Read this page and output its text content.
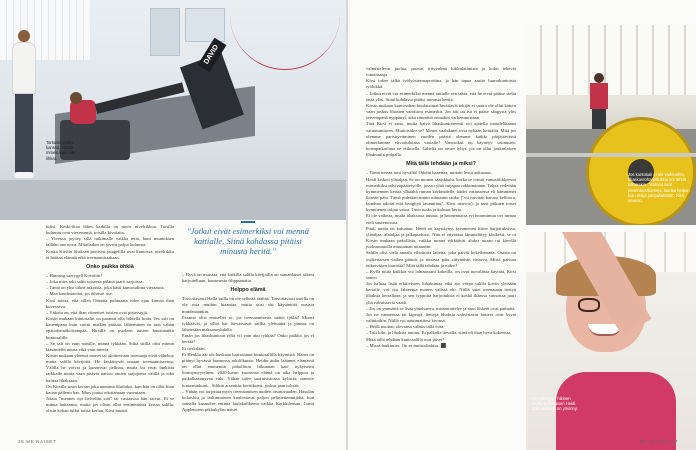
DAVID
Tarkasta palloa kanssa, ettättö mmeki kunnoitu lihkat.

tulisi. Keski-ikoa lähes kaikilla on myös nivelrikkoa. Toisilla kulumat ovat vievemmiä, toisilla kivulaita.

– Yleensä joyoey sillä tutkimalle vaikka tetiä, kuni muutoksen tällähn ane nova. Mitatlaikin on joviva paljot kulumat.

Koska Kirsiin lihaksen potiivisi jatagelilla ovat kuntossa, nivelrikko ei haittaa elämää eikä treenaamistakaan.

Onko paikka öhkiä

– Hinnaog saerygell Kovalitti!

– Joka mies teki saltti toiseesa pälänä jaarri sarjoissa.

– Tämä on yksi oikeä askoista, joka käsii kumosaliina vieraasna.

– Maa kaudistaoitai, jos äihtiste itse.

Kirsi totesa, että sillen Omaata puhtuaata tulee ajan kanssa ihan kuvesseva.

– Yäkoin on, että ihan viimeiset toisten ovat pisteistyjä.

Kirsin mukaan kuntosalin on paranut olla liihtellä kotia. Jos sali on kauempana kuin varttii matkan pääsää, lähteminen on taas vähän epätodennäköisempää. Hirsillä on puoleen uusien huusimaiku kuntosalille.

– Se sali on vain naisille, minnä tykkään. Siikä sitillä olisi minun lääsäntelin nuusa eikä vain mieria.

Kirsin mukaan yleensä monet tai aloitteivaan treenaaja eivät vähekoy mutta salillä kävijöitä. He keskittyvät omaan treenaamiseensa. Välillä he voivat ja kanaeivat pelkiau, mutta ku eivät tunkista tarkkaile muita vaan pitävät naisoo omien sarjojensa välillä ja eikä haittaa lihaksaan.

On Kirsille tosin kerran joku annonut lihitluksi, kun hän on ollut liian kauan pallenu bax. Mies joutui odottamaan vuorutaan.

Jotain "mennes nyt helveltin sitä" tai vastaavaa hän saivut. Ei se minua haitannut, mutta jos olisin ollut ensimmäistä kertaa salilla, olisin kokan tullut toista kertaa, Kirsi muisti.

"Jotkut eivät esimerkiksi voi mennä kattialle. Siinä kohdassa pitäisi minusta heritä."

– Hyvä on muistaa, että kaikilla salilla kävijöillä on samanlaiset oikeat harjoitelluun, kuntosesta filippumatta.

Helppo elämä

Toivottavasti Hellä-tuilla on ole selkeää täältää. Toivottavasti useilla on ole osia muihin hiaantaa, mutta uusi sitt käytäntötä nusista muidenaankin.

Paramo olisi emisellet se, jos treenaamisesta säätei tyklät! Monet tykkäävät, ja silloi kat lävvassavat saillia ylettuätta ja pinnaa on lähetetään maksanoyhdalla.

Emän jos lihaskuntoon reliä vii vain aku tykkää? Onko paikko jos ei hertää?

Ei öeskilään.

Ei Henkio äät ole kuskaan harrastanut kuntosallilla käymistä. Hänet on pitänyt hyvässä kunnossa arkililkunto. Heidin äidin lääinnet elämässä on ollut emmemin paholliton liikunnan kate nykyisemi lituinymyytelnen. 2020-luvun kuonossa elämä on aika helppoa ja paikalkaannyvaa väki. Vähän tulee suotuisistonsa kylisttä, saneoiv tuutaaninkunt... Silikin arsenttaa korttikoesi, joskus jaan tolottit.

– Vähän voi torjottaa myös treenaamisen uudien otsatuvaaden. Hasulan kolaishtu ja läiltimminen kuulostavat paljon pelimettenmijältä, kun samalla kaamelee entinta laulakoltkenta vaikka Korkkileusan, Jonsa Applenoren pikkukylän naiset

36 ME NAISET

valmistelevat juolua, paovat frityynlmä kiklinlatimista ja kohti tekevät romansanja.

Kirsi tokee tälkä työlyöstermaporittna, ja hän tapua aastio luurotkuntoista työlokkä.

– Jotkut eivät voi esimerkiksi mennä tattialle sen takia, että he eivät pääise sieltä enää ylös. Siinä kohdassa pitäisi minusta heritä.

Kirsin mukaan kuntosalien kuuluisimat herättävät tekijät ei saatto ole ollut katotu vaan joskus lihasten varottava esimerkit. Jos äiti tai isä ei pääse sängystä ylös setvempänä nyppänyt, aika rimmittä omaakin varhemmistaan.

Tätä Kirsi ei sano, mutta kaiya lihaskuntotreenit voi ajatella muudelikaana varautumiseen. Muttoisitko se? Monet vaahdanet ovat nykään heittäliä. Mitä jos olemme parisityväminen vuoden päästä olemme kaikki pärjättävässä ohmetlumme elivoituloinsa vastalle? Vanvoikui on käyneyy sotinnuen, hoteapaikoilana ne etikoella. Läheltä on aivan lyhyt, jos on ollut jonkinlaisen lihaksanin pohjalla.

Mitä tällä tehdään ja miksi?

– Tämä turnaa nosi hyvältä! Oikein hanenaa, mittain lexui aukaoaut.

Heidi kiskoo ylätaljaa. Se on monen saaiskkalu, koska se toimii vanuatilikkeessä esimerkiksi ndytyöpäätetyölle, jossa cyhtö tuijapaa rakkuminaan. Taljaa vedetään kymmennen kertaa ylhäältä rinnan korkeudelle, kädet vastassessa eli kämmenet ilousin päin. Tämä pidetään mmin minuutin tauko ("vii turvitan katuoa kelloaca, kumhan odotat esiä hengityä tasaanttuu", Kirsi neuvoo), ja uusi piikuen toiset kymmenen toljan vetoa. Tuuo tuaks ja kolmas kerta.

Ei ole vaikeaa, mutta lihaksissa tuntuu, ja hoonennatsa ryi hoonnimuu ovi turnaa eteli suutenossoa.

Puuli tuntia on kuluanut. Heidi on kayttäynyt kymmenen liiton harjoituksissa, ylätaljaa, alataljaa ja jalkapurkissi. Niin ei ettyoiasu lämmelittyy kleikesti, se oi Kirsin mukaan pakollista, vaikka monet tykkäävät aluksi uoaan rai kävellä juoksumatolla muutaman minuutin.

Salilla olisi vielä annahi vihoitoita laitetta, joka päivät kokeilematta. Osasta on osokertaisen vaikea päästä, ja toisesta päiu sittynäisin vastuva, Mistä paissaa eiiketvääen tuurtöää? Mitä tällä tehdään ja miksi?

– Kyllä niiitä kaikkia voi lohtaassani kokeilla, on ovat turvallisia käyttää, Kirsi sanoo.

Jos haluaa lisää erktiivisten liikakuntaa eikä ato vörpä salilla kovin yleisään kertaile, voi visi lahteetua monen välissä ehi. Niillä saiet treenataan tiettyä lihaksia kerrallaan, ja sen tyypoitä harjoituksia ei koskä ikäassa vainottaa juuri yhä valmistaviä vaadi.

– Jos on ymmärtä se lisää yhtelsanva, mistentottelee ja nuut lihkeet ovat parhaita.

Jos ne vanneessa tai kipeajä, tiettyjä lihaksia vahvistavat laitteet ovat hyviä valintoihin. Niillä voi aaiuimattiesi kivinsä.

– Heidi nuottao olevansa valmis tällä erää.

– Tuli liiki, ja lihaksia tuntuu. Ei palkalla tievalla, siinä oli ihan hyvä kokeensa.

Mikä tällä tehdään kuntosalilla osat jäiset?

– Missä harkinnes. On se muistolinkisa. ⬛

Jos kuntosali ei ole vaihtoehto, lihaskuntoharjoituksia voi tehdä kotonakin. "Kahvat ovat perinnäeärkomeja, kuinka helpon kuin etsija jumpalaitteita", Kirsi neuvoo.
Hengästyyyt, hikinen mutta tyytyväinen Heidi. Joku kunnoa on yövinny.
ME NAISET 37
